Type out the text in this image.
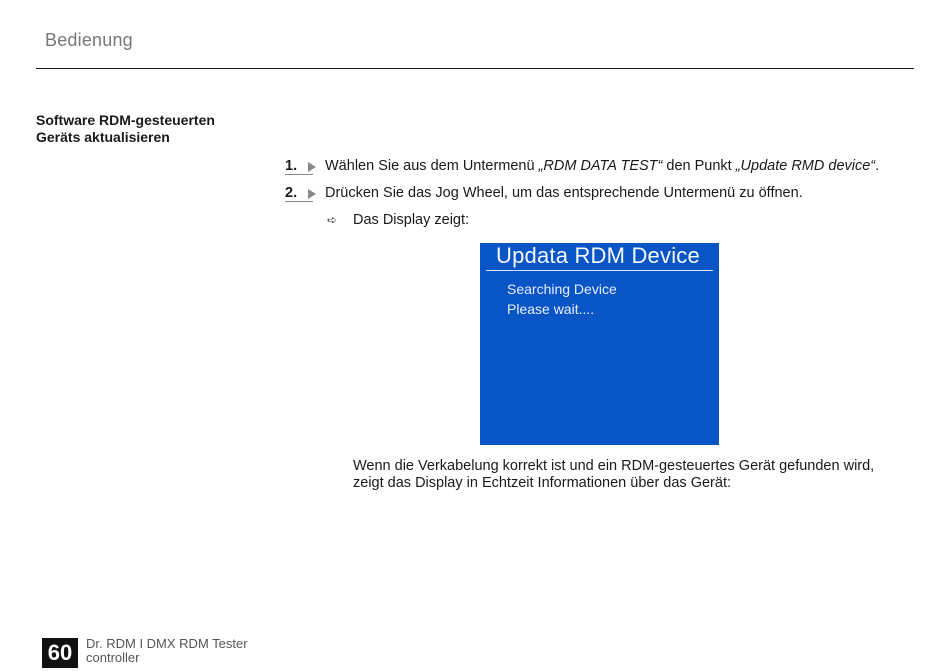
Bedienung
Software RDM-gesteuerten
Geräts aktualisieren
1.	Wählen Sie aus dem Untermenü „RDM DATA TEST“ den Punkt „Update RMD device“.
2.	Drücken Sie das Jog Wheel, um das entsprechende Untermenü zu öffnen.
➪	Das Display zeigt:
Updata RDM Device
Searching Device
Please wait....
Wenn die Verkabelung korrekt ist und ein RDM-gesteuertes Gerät gefunden wird,
zeigt das Display in Echtzeit Informationen über das Gerät:
60	Dr. RDM I DMX RDM Tester
controller
